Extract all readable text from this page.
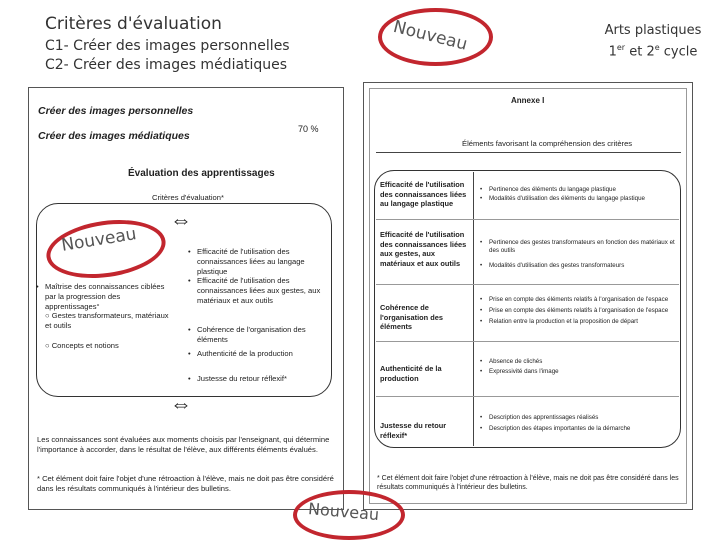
Critères d'évaluation
C1- Créer des images personnelles
C2- Créer des images médiatiques
Arts plastiques
1er et 2e cycle
Nouveau
Créer des images personnelles
Créer des images médiatiques
70 %
Évaluation des apprentissages
Critères d'évaluation*
⇔
⇔
• Maîtrise des connaissances ciblées par la progression des apprentissages°
○ Gestes transformateurs, matériaux et outils
○ Concepts et notions
• Efficacité de l'utilisation des connaissances liées au langage plastique
• Efficacité de l'utilisation des connaissances liées aux gestes, aux matériaux et aux outils
• Cohérence de l'organisation des éléments
• Authenticité de la production
• Justesse du retour réflexif*
Les connaissances sont évaluées aux moments choisis par l'enseignant, qui détermine l'importance à accorder, dans le résultat de l'élève, aux différents éléments évalués.
* Cet élément doit faire l'objet d'une rétroaction à l'élève, mais ne doit pas être considéré dans les résultats communiqués à l'intérieur des bulletins.
Nouveau
Annexe I
Éléments favorisant la compréhension des critères
Efficacité de l'utilisation des connaissances liées au langage plastique
• Pertinence des éléments du langage plastique
• Modalités d'utilisation des éléments du langage plastique
Efficacité de l'utilisation des connaissances liées aux gestes, aux matériaux et aux outils
• Pertinence des gestes transformateurs en fonction des matériaux et des outils
• Modalités d'utilisation des gestes transformateurs
Cohérence de l'organisation des éléments
• Prise en compte des éléments relatifs à l'organisation de l'espace
• Prise en compte des éléments relatifs à l'organisation de l'espace
• Relation entre la production et la proposition de départ
Authenticité de la production
• Absence de clichés
• Expressivité dans l'image
Justesse du retour réflexif*
• Description des apprentissages réalisés
• Description des étapes importantes de la démarche
* Cet élément doit faire l'objet d'une rétroaction à l'élève, mais ne doit pas être considéré dans les résultats communiqués à l'intérieur des bulletins.
Nouveau
